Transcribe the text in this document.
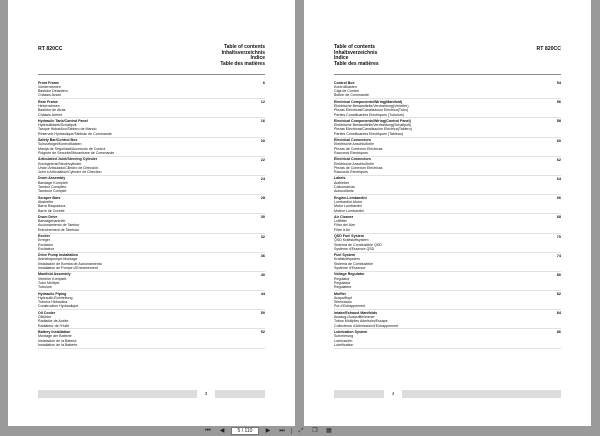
RT 820CC	Table of contents
Inhaltsverzeichnis
Indice
Table des matières
Front Frame
Vorderrahmen
Bastidor Delantero
Châssis Avant
6
Rear Frame
Hinterrahmen
Bastidor de Atrás
Châssis Arrière
12
Hydraulic Tank/Control Panel
Hydrauliktank/Schaltpult
Tanque Hidraulico/Tablero de Mando
Réservoir Hydraulique/Tableau de Commande
16
Safety Bar/Control Box
Schutzbügel/Kontrollkasten
Manija de Seguridad/Accesorio de Control
Poignée de Sécurité/Mécanisme de Commande
20
Articulated Joint/Steering Cylinder
Knickgelenk/Steuerzylinder
Unión Articulado/Cilindro de Dirección
Joint à Articulation/Cylindre de Direction
22
Drum Assembly
Bandage Komplett
Tambor Completo
Tambour Complet
24
Scraper Bars
Abstreifer
Barra Raspadora
Barre de Curette
28
Drum Drive
Bandagenantrieb
Accionamiento de Tambor
Entraînement de Tambour
30
Exciter
Erreger
Excitador
Excitateur
32
Drive Pump Installation
Antriebspumpe-Montage
Instalación de Bomba de Accionamiento
Installation de Pompe d'Entraînement
36
Manifold Assembly
Verteiler Komplett
Tubo Múltiple
Tubulure
40
Hydraulic Piping
Hydraulik-Rohrleitung
Tubería Hidráulica
Construction Hydraulique
44
Oil Cooler
Ölkühler
Radiador de Aceite
Radiateur de l'Huile
50
Battery Installation
Montage der Batterie
Instalación de la Bateria
Installation de la Batterie
52
3
Table of contents
Inhaltsverzeichnis
Indice
Table des matières
RT 820CC
Control Box
Kontrollkasten
Cája de Control
Boîtier de Commande
54
Electrical Components/Wiring(Manifold)
Elektrische Bestandteile/Verdrahtung(Verteiler)
Piezas Eléctricas/Canalización Eléctrica(Tubo)
Parties Constituantes Electriques (Tubulure)
56
Electrical Components/Wiring(Control Panel)
Elektrische Bestandteile/Verdrahtung(Schaltpult)
Piezas Eléctricas/Canalización Eléctrica(Tablero)
Parties Constituantes Electriques (Tableau)
58
Electrical Connectors
Elektrische Anschlußteile
Piezas de Conexión Eléctricas
Raccords Electriques
60
Electrical Connectors
Elektrische Anschlußteile
Piezas de Conexión Eléctricas
Raccords Electriques
62
Labels
Aufkleber
Calcomanías
Autocollants
64
Engine-Lombardini
Lombardini-Motor
Motor Lombardini
Moteur Lombardini
66
Air Cleaner
Luftfilter
Filtro del Aire
Filtre à Air
68
QSD Fuel System
QSD Kraftstoffsystem
Sistema de Combustible QSD
Système d'Essence QSD
70
Fuel System
Kraftstoffsystem
Sistema de Combustible
Système d'Essence
74
Voltage Regulator
Regulator
Regulador
Régulateur
80
Muffler
Auspufftopf
Silenciador
Pot d'Echappement
82
Intake/Exhaust Manifolds
Ansaug-/Auspuffkrümmer
Tubos Múltiples Admisión/Escape
Collecteurs d'Admission/d'Echappement
84
Lubrication System
Schmierung
Lubricación
Lubrification
86
4
⏮	◀	5 / 110	▶	⏭	⤢	❐	▦
